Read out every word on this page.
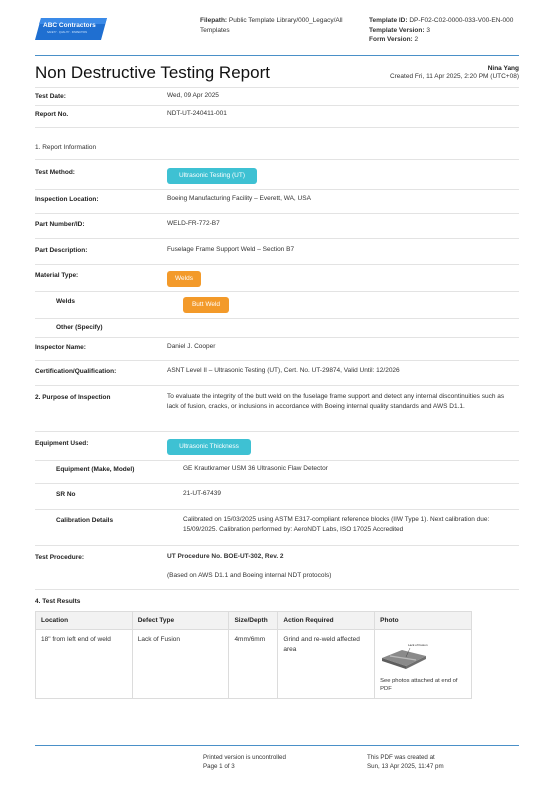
ABC Contractors
SAFETY · QUALITY · INSPECTION
Filepath: Public Template Library/000_Legacy/All Templates
Template ID: DP-F02-C02-0000-033-V00-EN-000
Template Version: 3
Form Version: 2
Non Destructive Testing Report	Nina Yang
Created Fri, 11 Apr 2025, 2:20 PM (UTC+08)
Test Date:	Wed, 09 Apr 2025
Report No.	NDT-UT-240411-001
1. Report Information
Test Method:	Ultrasonic Testing (UT)
Inspection Location:	Boeing Manufacturing Facility – Everett, WA, USA
Part Number/ID:	WELD-FR-772-B7
Part Description:	Fuselage Frame Support Weld – Section B7
Material Type:	Welds
Welds	Butt Weld
Other (Specify)
Inspector Name:	Daniel J. Cooper
Certification/Qualification:	ASNT Level II – Ultrasonic Testing (UT), Cert. No. UT-29874, Valid Until: 12/2026
2. Purpose of Inspection	To evaluate the integrity of the butt weld on the fuselage frame support and detect any internal discontinuities such as lack of fusion, cracks, or inclusions in accordance with Boeing internal quality standards and AWS D1.1.
Equipment Used:	Ultrasonic Thickness
Equipment (Make, Model)	GE Krautkramer USM 36 Ultrasonic Flaw Detector
SR No	21-UT-67439
Calibration Details	Calibrated on 15/03/2025 using ASTM E317-compliant reference blocks (IIW Type 1). Next calibration due: 15/09/2025. Calibration performed by: AeroNDT Labs, ISO 17025 Accredited
Test Procedure:	UT Procedure No. BOE-UT-302, Rev. 2
(Based on AWS D1.1 and Boeing internal NDT protocols)
4. Test Results
Location	Defect Type	Size/Depth	Action Required	Photo
18" from left end of weld	Lack of Fusion	4mm/6mm	Grind and re-weld affected area	Lack of Fusion
See photos attached at end of PDF
Printed version is uncontrolled
Page 1 of 3
This PDF was created at
Sun, 13 Apr 2025, 11:47 pm
